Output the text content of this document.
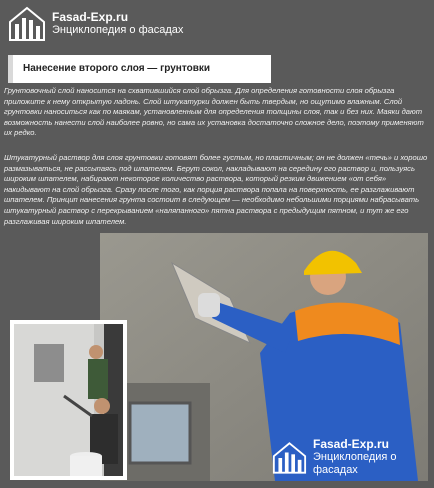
Fasad-Exp.ru
Энциклопедия о фасадах
Нанесение второго слоя — грунтовки
Грунтовочный слой наносится на схватившийся слой обрызга. Для определения готовности слоя обрызга приложите к нему открытую ладонь. Слой штукатурки должен быть твердым, но ощутимо влажным. Слой грунтовки наноситься как по маякам, установленным для определения толщины слоя, так и без них. Маяки дают возможность нанести слой наиболее ровно, но сама их установка достаточно сложное дело, поэтому применяют их редко.
Штукатурный раствор для слоя грунтовки готовят более густым, но пластичным; он не должен «течь» и хорошо размазываться, не рассыпаясь под шпателем. Берут сокол, накладывают на середину его раствор и, пользуясь широким шпателем, набирают некоторое количество раствора, который резким движением «от себя» накидывают на слой обрызга. Сразу после того, как порция раствора попала на поверхность, ее разглаживают шпателем. Принцип нанесения грунта состоит в следующем — необходимо небольшими порциями набрасывать штукатурный раствор с перекрыванием «наляпанного» пятна раствора с предыдущим пятном, и тут же его разглаживая широким шпателем.
Fasad-Exp.ru
Энциклопедия о фасадах
